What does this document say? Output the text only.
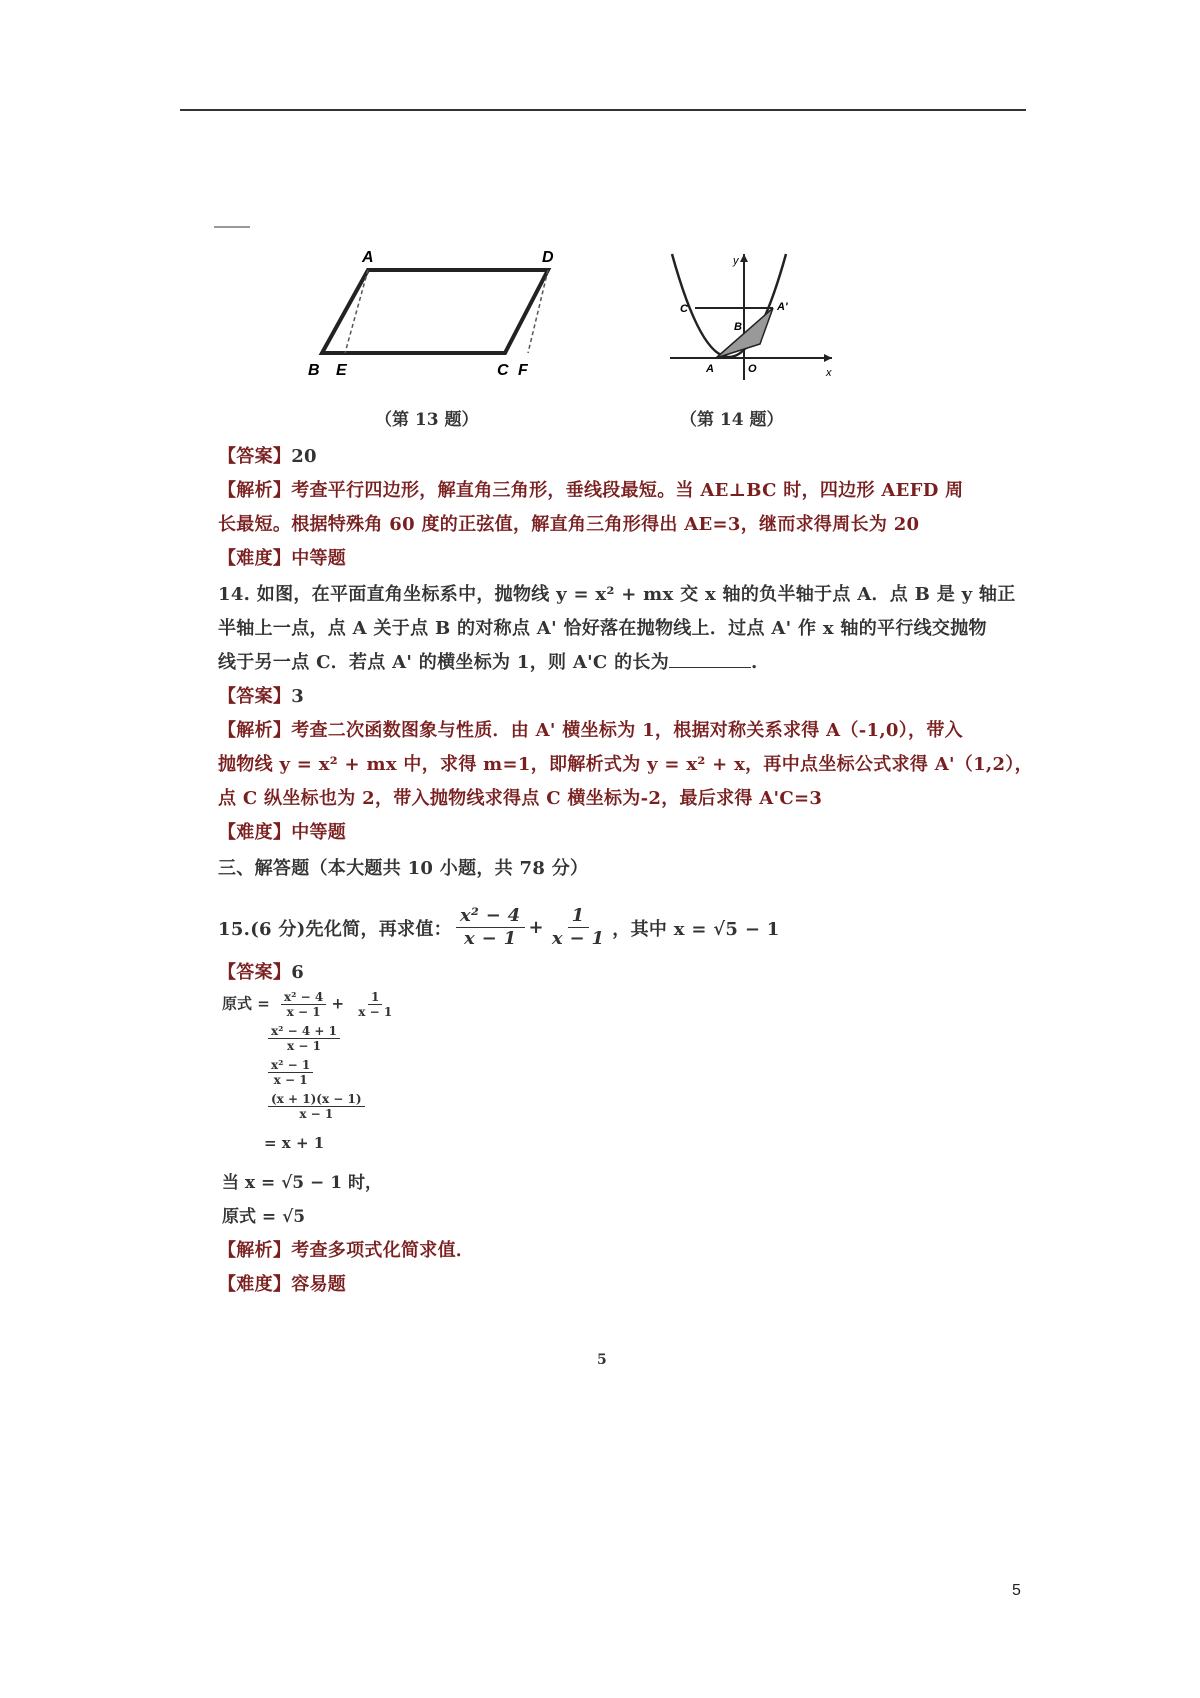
A	D
B E	C F
（第 13 题）
y
x
C	A'
B
A	O
（第 14 题）
【答案】20
【解析】考查平行四边形，解直角三角形，垂线段最短。当 AE⊥BC 时，四边形 AEFD 周
长最短。根据特殊角 60 度的正弦值，解直角三角形得出 AE=3，继而求得周长为 20
【难度】中等题
14. 如图，在平面直角坐标系中，抛物线 y = x² + mx 交 x 轴的负半轴于点 A．点 B 是 y 轴正
半轴上一点，点 A 关于点 B 的对称点 A' 恰好落在抛物线上．过点 A' 作 x 轴的平行线交抛物
线于另一点 C．若点 A' 的横坐标为 1，则 A'C 的长为	.
【答案】3
【解析】考查二次函数图象与性质．由 A' 横坐标为 1，根据对称关系求得 A（-1,0），带入
抛物线 y = x² + mx 中，求得 m=1，即解析式为 y = x² + x，再中点坐标公式求得 A'（1,2），
点 C 纵坐标也为 2，带入抛物线求得点 C 横坐标为-2，最后求得 A'C=3
【难度】中等题
三、解答题（本大题共 10 小题，共 78 分）
15.(6 分)先化简，再求值： $\frac{\text{x² − 4}}{x - 1} + \frac{1}{x - 1}$ ，其中 x = √5 − 1
【答案】6
原式 = $\frac{\text{x² − 4}}{x - 1} + \frac{1}{x - 1}$
$\frac{\text{x² − 4 + 1}}{x - 1}$
$\frac{\text{x² − 1}}{x - 1}$
$\frac{(x + 1)(x - 1)}{x - 1}$
= x + 1
当 x = √5 − 1 时，
原式 = √5
【解析】考查多项式化简求值．
【难度】容易题
5
5
